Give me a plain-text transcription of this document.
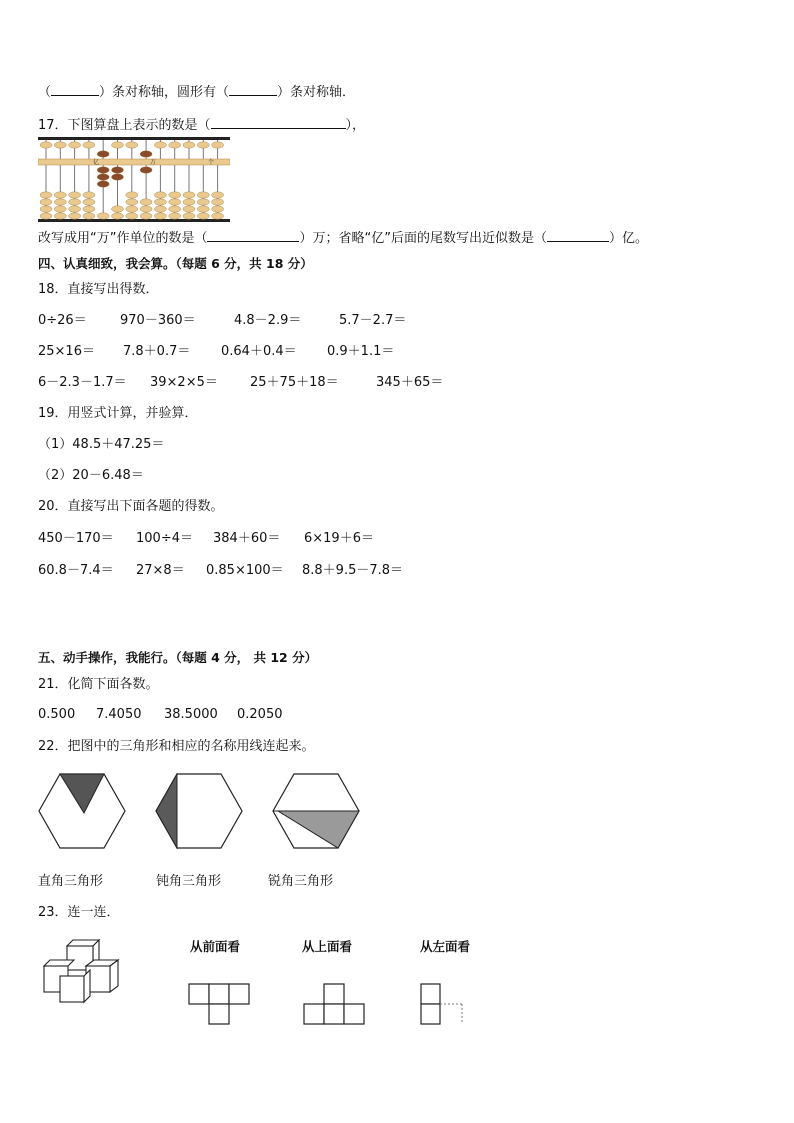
（	）条对称轴，圆形有（	）条对称轴．
17．下图算盘上表示的数是（	），
亿	万	个
改写成用“万”作单位的数是（	）万；省略“亿”后面的尾数写出近似数是（	）亿。
四、认真细致，我会算。（每题 6 分，共 18 分）
18．直接写出得数．
0÷26＝	970－360＝	4.8－2.9＝	5.7－2.7＝
25×16＝ 7.8＋0.7＝ 0.64＋0.4＝ 0.9＋1.1＝
6－2.3－1.7＝ 39×2×5＝ 25＋75＋18＝	345＋65＝
19．用竖式计算，并验算．
（1）48.5＋47.25＝
（2）20－6.48＝
20．直接写出下面各题的得数。
450－170＝ 100÷4＝ 384＋60＝ 6×19＋6＝
60.8－7.4＝ 27×8＝ 0.85×100＝ 8.8＋9.5－7.8＝
五、动手操作，我能行。（每题 4 分， 共 12 分）
21．化简下面各数。
0.500 7.4050 38.5000 0.2050
22．把图中的三角形和相应的名称用线连起来。
直角三角形	钝角三角形	锐角三角形
23．连一连．
从前面看	从上面看	从左面看
